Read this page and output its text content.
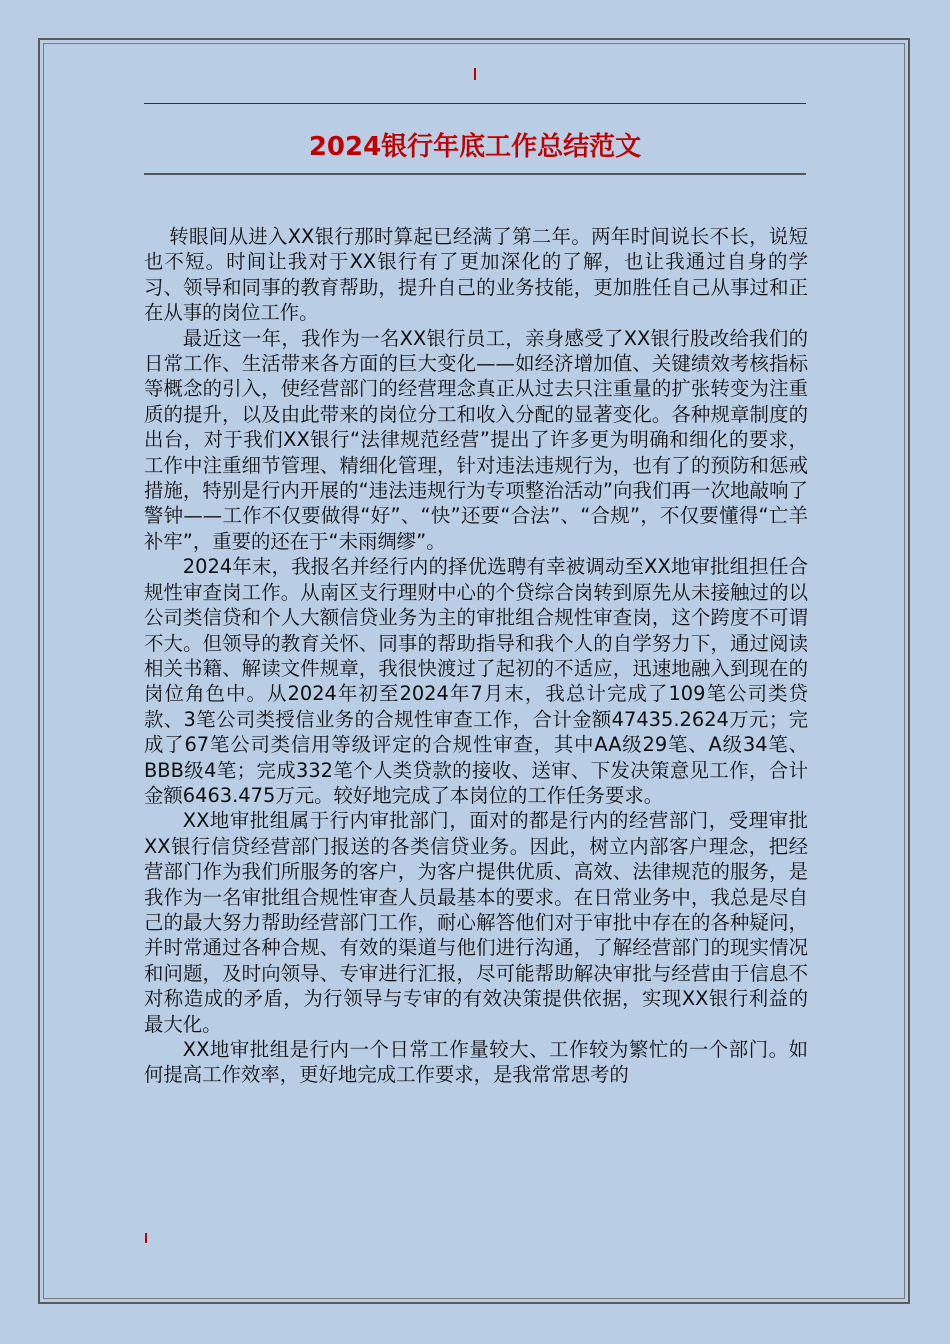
2024银行年底工作总结范文

转眼间从进入XX银行那时算起已经满了第二年。两年时间说长不长，说短也不短。时间让我对于XX银行有了更加深化的了解，也让我通过自身的学习、领导和同事的教育帮助，提升自己的业务技能，更加胜任自己从事过和正在从事的岗位工作。

最近这一年，我作为一名XX银行员工，亲身感受了XX银行股改给我们的日常工作、生活带来各方面的巨大变化——如经济增加值、关键绩效考核指标等概念的引入，使经营部门的经营理念真正从过去只注重量的扩张转变为注重质的提升，以及由此带来的岗位分工和收入分配的显著变化。各种规章制度的出台，对于我们XX银行“法律规范经营”提出了许多更为明确和细化的要求，工作中注重细节管理、精细化管理，针对违法违规行为，也有了的预防和惩戒措施，特别是行内开展的“违法违规行为专项整治活动”向我们再一次地敲响了警钟——工作不仅要做得“好”、“快”还要“合法”、“合规”，不仅要懂得“亡羊补牢”，重要的还在于“未雨绸缪”。

2024年末，我报名并经行内的择优选聘有幸被调动至XX地审批组担任合规性审查岗工作。从南区支行理财中心的个贷综合岗转到原先从未接触过的以公司类信贷和个人大额信贷业务为主的审批组合规性审查岗，这个跨度不可谓不大。但领导的教育关怀、同事的帮助指导和我个人的自学努力下，通过阅读相关书籍、解读文件规章，我很快渡过了起初的不适应，迅速地融入到现在的岗位角色中。从2024年初至2024年7月末，我总计完成了109笔公司类贷款、3笔公司类授信业务的合规性审查工作，合计金额47435.2624万元；完成了67笔公司类信用等级评定的合规性审查，其中AA级29笔、A级34笔、BBB级4笔；完成332笔个人类贷款的接收、送审、下发决策意见工作，合计金额6463.475万元。较好地完成了本岗位的工作任务要求。

XX地审批组属于行内审批部门，面对的都是行内的经营部门，受理审批XX银行信贷经营部门报送的各类信贷业务。因此，树立内部客户理念，把经营部门作为我们所服务的客户，为客户提供优质、高效、法律规范的服务，是我作为一名审批组合规性审查人员最基本的要求。在日常业务中，我总是尽自己的最大努力帮助经营部门工作，耐心解答他们对于审批中存在的各种疑问，并时常通过各种合规、有效的渠道与他们进行沟通，了解经营部门的现实情况和问题，及时向领导、专审进行汇报，尽可能帮助解决审批与经营由于信息不对称造成的矛盾，为行领导与专审的有效决策提供依据，实现XX银行利益的最大化。

XX地审批组是行内一个日常工作量较大、工作较为繁忙的一个部门。如何提高工作效率，更好地完成工作要求，是我常常思考的
